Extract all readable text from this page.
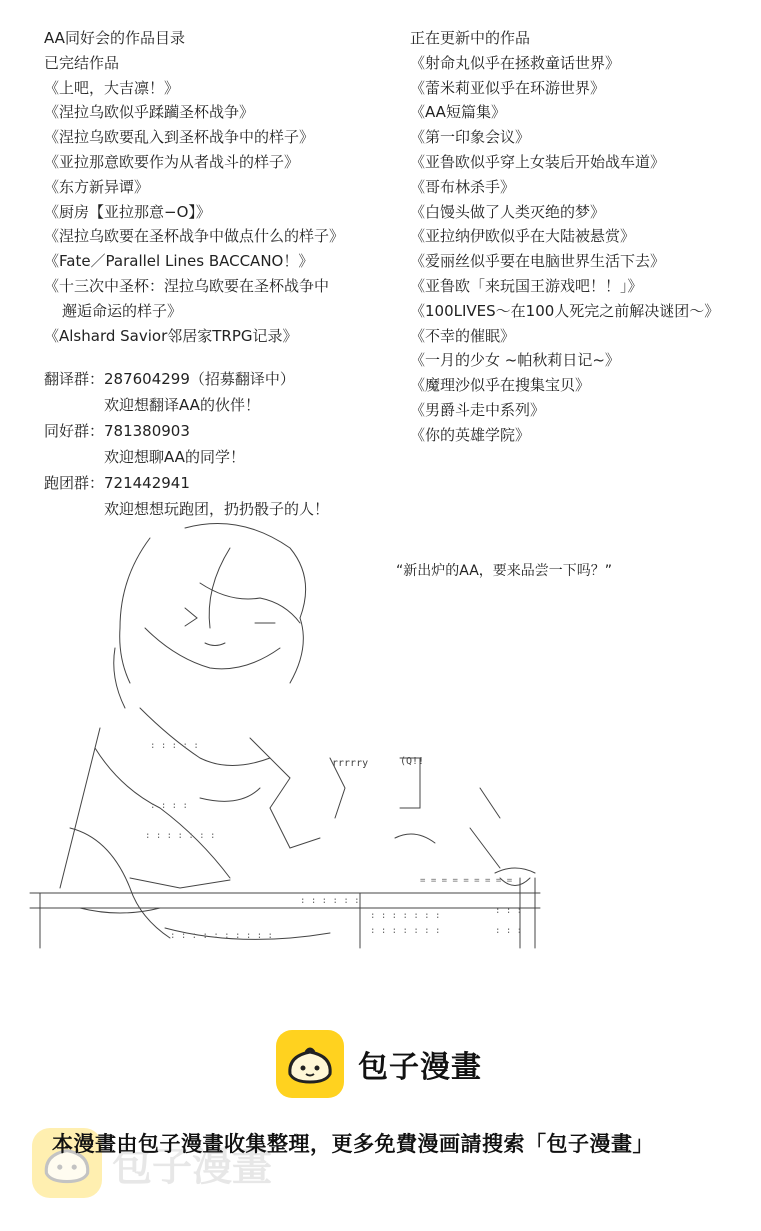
AA同好会的作品目录
已完结作品
《上吧，大吉凛！》
《涅拉乌欧似乎蹂躏圣杯战争》
《涅拉乌欧要乱入到圣杯战争中的样子》
《亚拉那意欧要作为从者战斗的样子》
《东方新异谭》
《厨房【亚拉那意−O】》
《涅拉乌欧要在圣杯战争中做点什么的样子》
《Fate／Parallel Lines BACCANO！》
《十三次中圣杯：涅拉乌欧要在圣杯战争中
邂逅命运的样子》
《Alshard Savior邻居家TRPG记录》
正在更新中的作品
《射命丸似乎在拯救童话世界》
《蕾米莉亚似乎在环游世界》
《AA短篇集》
《第一印象会议》
《亚鲁欧似乎穿上女装后开始战车道》
《哥布林杀手》
《白馒头做了人类灭绝的梦》
《亚拉纳伊欧似乎在大陆被悬赏》
《爱丽丝似乎要在电脑世界生活下去》
《亚鲁欧「来玩国王游戏吧！！」》
《100LIVES～在100人死完之前解决谜团～》
《不幸的催眠》
《一月的少女 ~帕秋莉日记~》
《魔理沙似乎在搜集宝贝》
《男爵斗走中系列》
《你的英雄学院》
翻译群： 287604299（招募翻译中）
欢迎想翻译AA的伙伴！
同好群： 781380903
欢迎想聊AA的同学！
跑团群： 721442941
欢迎想想玩跑团，扔扔骰子的人！
“新出炉的AA，要来品尝一下吗？”
: : : : :
: : : :
: : : : : : :
: : : : : :
: : : : : : :
: : : : : : :
: : : : : : : : : :
= = = = = = = = =
: : :
: : :
rrrrry	(Q!!
包子漫畫
包子漫畫
本漫畫由包子漫畫收集整理，更多免費漫画請搜索「包子漫畫」
